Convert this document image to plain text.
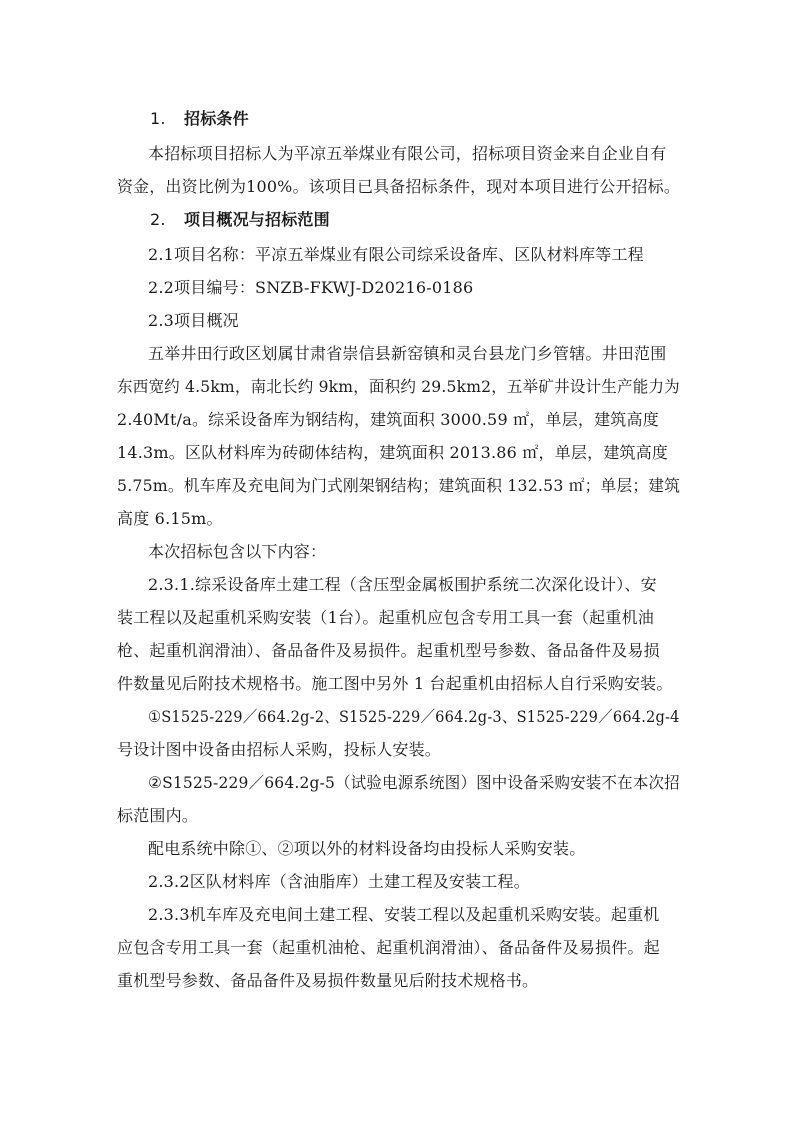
1. 招标条件
本招标项目招标人为平凉五举煤业有限公司，招标项目资金来自企业自有
资金，出资比例为100%。该项目已具备招标条件，现对本项目进行公开招标。
2. 项目概况与招标范围
2.1项目名称：平凉五举煤业有限公司综采设备库、区队材料库等工程
2.2项目编号：SNZB-FKWJ-D20216-0186
2.3项目概况
五举井田行政区划属甘肃省崇信县新窑镇和灵台县龙门乡管辖。井田范围
东西宽约 4.5km，南北长约 9km，面积约 29.5km2，五举矿井设计生产能力为
2.40Mt/a。综采设备库为钢结构，建筑面积 3000.59 ㎡，单层，建筑高度
14.3m。区队材料库为砖砌体结构，建筑面积 2013.86 ㎡，单层，建筑高度
5.75m。机车库及充电间为门式刚架钢结构；建筑面积 132.53 ㎡；单层；建筑
高度 6.15m。
本次招标包含以下内容：
2.3.1.综采设备库土建工程（含压型金属板围护系统二次深化设计）、安
装工程以及起重机采购安装（1台）。起重机应包含专用工具一套（起重机油
枪、起重机润滑油）、备品备件及易损件。起重机型号参数、备品备件及易损
件数量见后附技术规格书。施工图中另外 1 台起重机由招标人自行采购安装。
①S1525-229／664.2g-2、S1525-229／664.2g-3、S1525-229／664.2g-4
号设计图中设备由招标人采购，投标人安装。
②S1525-229／664.2g-5（试验电源系统图）图中设备采购安装不在本次招
标范围内。
配电系统中除①、②项以外的材料设备均由投标人采购安装。
2.3.2区队材料库（含油脂库）土建工程及安装工程。
2.3.3机车库及充电间土建工程、安装工程以及起重机采购安装。起重机
应包含专用工具一套（起重机油枪、起重机润滑油）、备品备件及易损件。起
重机型号参数、备品备件及易损件数量见后附技术规格书。
